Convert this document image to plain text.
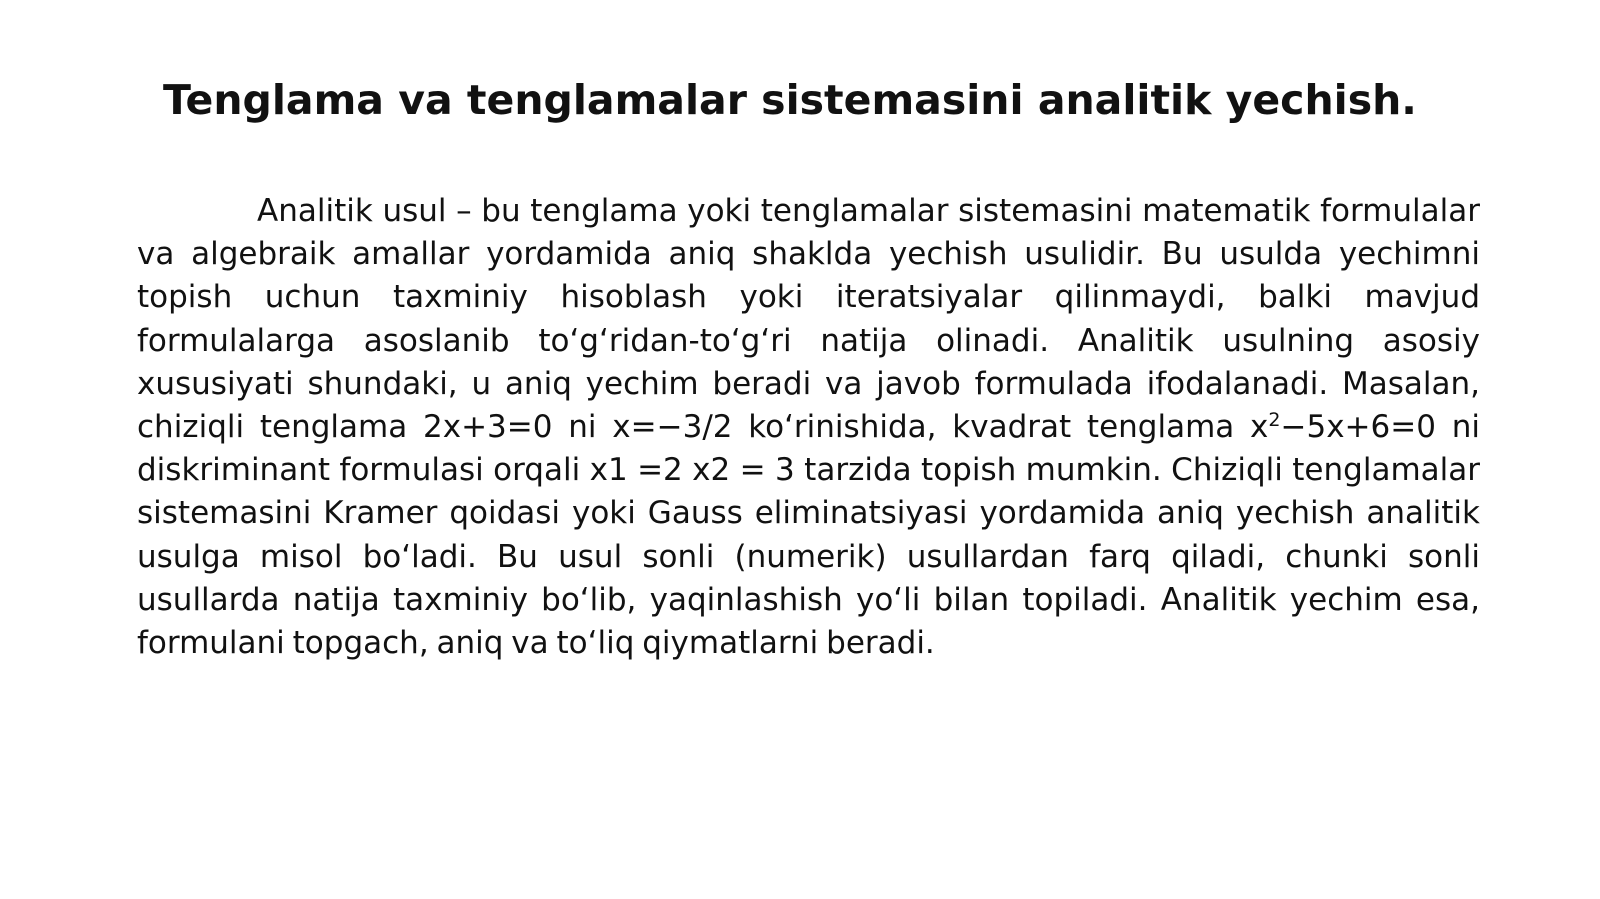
Tenglama va tenglamalar sistemasini analitik yechish.

Analitik usul – bu tenglama yoki tenglamalar sistemasini matematik formulalar va algebraik amallar yordamida aniq shaklda yechish usulidir. Bu usulda yechimni topish uchun taxminiy hisoblash yoki iteratsiyalar qilinmaydi, balki mavjud formulalarga asoslanib to‘g‘ridan-to‘g‘ri natija olinadi. Analitik usulning asosiy xususiyati shundaki, u aniq yechim beradi va javob formulada ifodalanadi. Masalan, chiziqli tenglama 2x+3=0 ni x=−3/2 ko‘rinishida, kvadrat tenglama $x^2-5x+6=0$ ni diskriminant formulasi orqali x1 =2 x2 = 3 tarzida topish mumkin. Chiziqli tenglamalar sistemasini Kramer qoidasi yoki Gauss eliminatsiyasi yordamida aniq yechish analitik usulga misol bo‘ladi. Bu usul sonli (numerik) usullardan farq qiladi, chunki sonli usullarda natija taxminiy bo‘lib, yaqinlashish yo‘li bilan topiladi. Analitik yechim esa, formulani topgach, aniq va to‘liq qiymatlarni beradi.
